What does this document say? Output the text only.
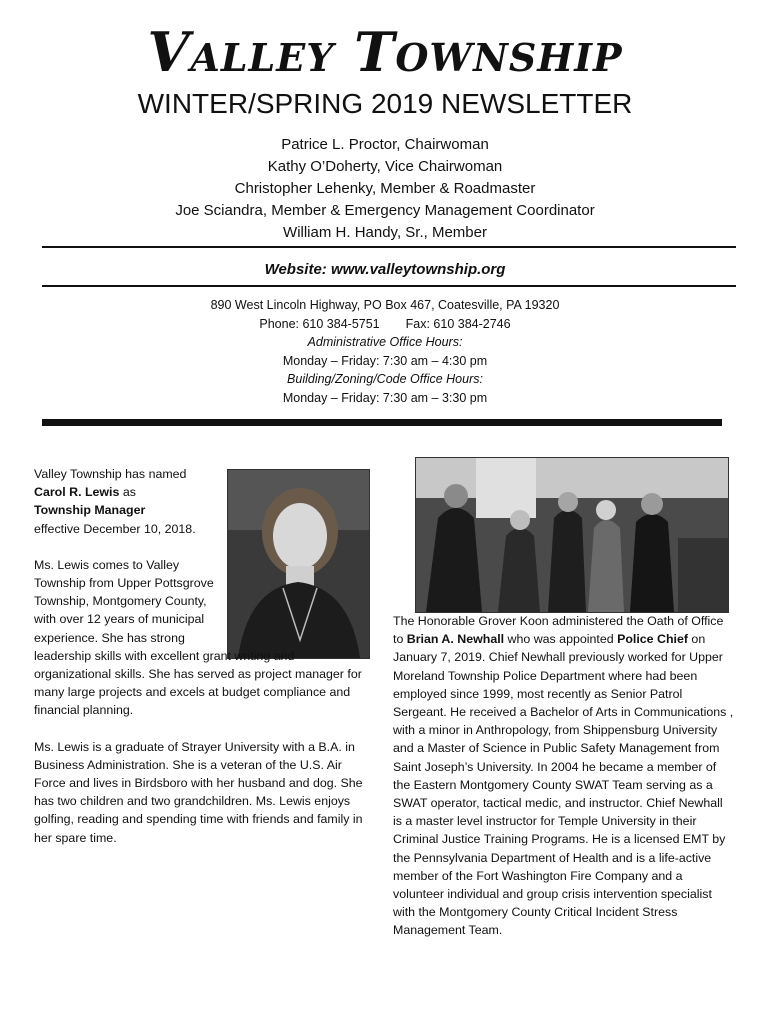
Valley Township
WINTER/SPRING 2019 NEWSLETTER
Patrice L. Proctor, Chairwoman
Kathy O’Doherty, Vice Chairwoman
Christopher Lehenky, Member & Roadmaster
Joe Sciandra, Member & Emergency Management Coordinator
William H. Handy, Sr., Member
Website: www.valleytownship.org
890 West Lincoln Highway, PO Box 467, Coatesville, PA 19320
Phone: 610 384-5751 Fax: 610 384-2746
Administrative Office Hours:
Monday – Friday: 7:30 am – 4:30 pm
Building/Zoning/Code Office Hours:
Monday – Friday: 7:30 am – 3:30 pm

Valley Township has named
Carol R. Lewis as
Township Manager
effective December 10, 2018.

Ms. Lewis comes to Valley Township from Upper Pottsgrove Township, Montgomery County, with over 12 years of municipal experience. She has strong

leadership skills with excellent grant writing and organizational skills. She has served as project manager for many large projects and excels at budget compliance and financial planning.

Ms. Lewis is a graduate of Strayer University with a B.A. in Business Administration. She is a veteran of the U.S. Air Force and lives in Birdsboro with her husband and dog. She has two children and two grandchildren. Ms. Lewis enjoys golfing, reading and spending time with friends and family in her spare time.

The Honorable Grover Koon administered the Oath of Office to Brian A. Newhall who was appointed Police Chief on January 7, 2019. Chief Newhall previously worked for Upper Moreland Township Police Department where had been employed since 1999, most recently as Senior Patrol Sergeant. He received a Bachelor of Arts in Communications , with a minor in Anthropology, from Shippensburg University and a Master of Science in Public Safety Management from Saint Joseph’s University. In 2004 he became a member of the Eastern Montgomery County SWAT Team serving as a SWAT operator, tactical medic, and instructor. Chief Newhall is a master level instructor for Temple University in their Criminal Justice Training Programs. He is a licensed EMT by the Pennsylvania Department of Health and is a life-active member of the Fort Washington Fire Company and a volunteer individual and group crisis intervention specialist with the Montgomery County Critical Incident Stress Management Team.
